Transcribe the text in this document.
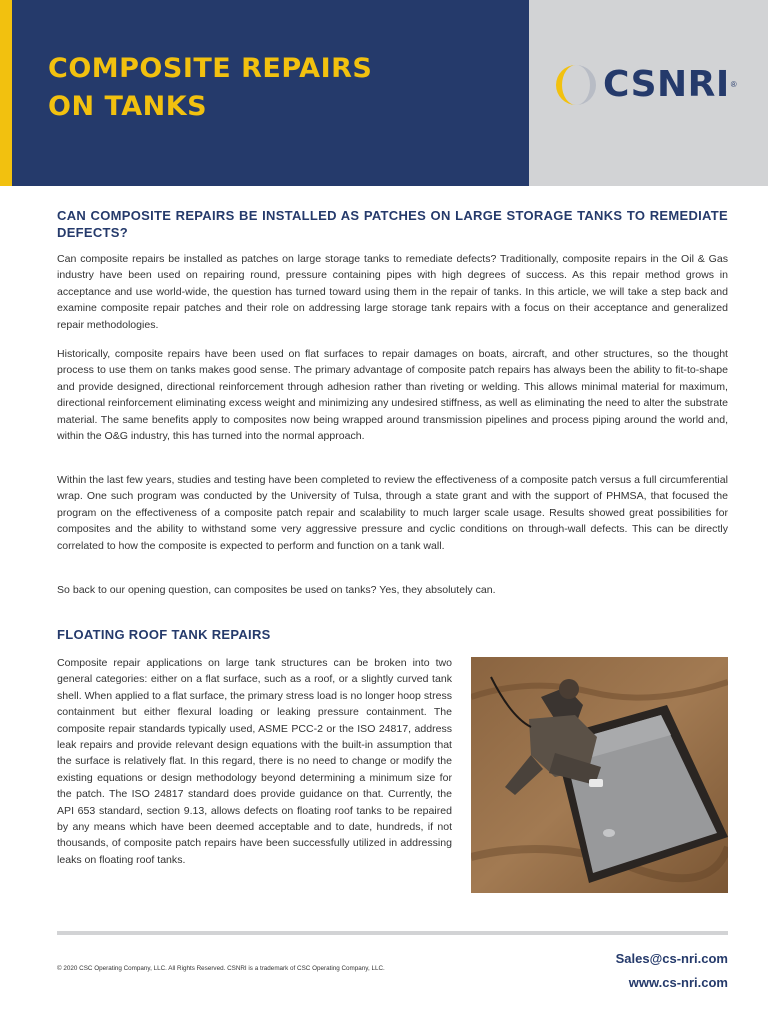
COMPOSITE REPAIRS
ON TANKS
CSNRI ®
CAN COMPOSITE REPAIRS BE INSTALLED AS PATCHES ON LARGE STORAGE TANKS TO REMEDIATE DEFECTS?

Can composite repairs be installed as patches on large storage tanks to remediate defects? Traditionally, composite repairs in the Oil & Gas industry have been used on repairing round, pressure containing pipes with high degrees of success. As this repair method grows in acceptance and use world-wide, the question has turned toward using them in the repair of tanks. In this article, we will take a step back and examine composite repair patches and their role on addressing large storage tank repairs with a focus on their acceptance and generalized repair methodologies.

Historically, composite repairs have been used on flat surfaces to repair damages on boats, aircraft, and other structures, so the thought process to use them on tanks makes good sense. The primary advantage of composite patch repairs has always been the ability to fit-to-shape and provide designed, directional reinforcement through adhesion rather than riveting or welding. This allows minimal material for maximum, directional reinforcement eliminating excess weight and minimizing any undesired stiffness, as well as eliminating the need to alter the substrate material. The same benefits apply to composites now being wrapped around transmission pipelines and process piping around the world and, within the O&G industry, this has turned into the normal approach.

Within the last few years, studies and testing have been completed to review the effectiveness of a composite patch versus a full circumferential wrap. One such program was conducted by the University of Tulsa, through a state grant and with the support of PHMSA, that focused the program on the effectiveness of a composite patch repair and scalability to much larger scale usage. Results showed great possibilities for composites and the ability to withstand some very aggressive pressure and cyclic conditions on through-wall defects. This can be directly correlated to how the composite is expected to perform and function on a tank wall.

So back to our opening question, can composites be used on tanks? Yes, they absolutely can.

FLOATING ROOF TANK REPAIRS

Composite repair applications on large tank structures can be broken into two general categories: either on a flat surface, such as a roof, or a slightly curved tank shell. When applied to a flat surface, the primary stress load is no longer hoop stress containment but either flexural loading or leaking pressure containment. The composite repair standards typically used, ASME PCC-2 or the ISO 24817, address leak repairs and provide relevant design equations with the built-in assumption that the surface is relatively flat. In this regard, there is no need to change or modify the existing equations or design methodology beyond determining a minimum size for the patch. The ISO 24817 standard does provide guidance on that. Currently, the API 653 standard, section 9.13, allows defects on floating roof tanks to be repaired by any means which have been deemed acceptable and to date, hundreds, if not thousands, of composite patch repairs have been successfully utilized in addressing leaks on floating roof tanks.

© 2020 CSC Operating Company, LLC. All Rights Reserved. CSNRI is a trademark of CSC Operating Company, LLC.
Sales@cs-nri.com
www.cs-nri.com
